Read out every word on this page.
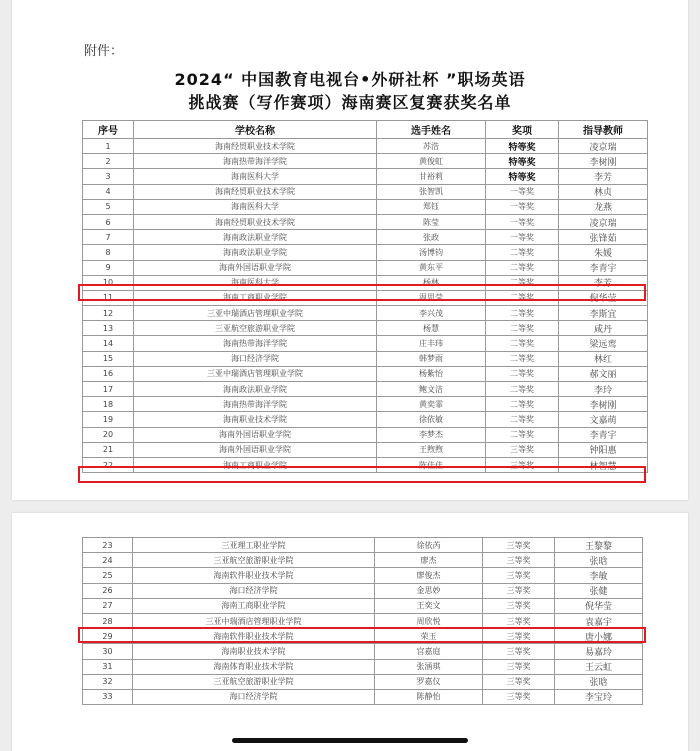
附件：
2024“ 中国教育电视台•外研社杯 ”职场英语
挑战赛（写作赛项）海南赛区复赛获奖名单
序号	学校名称	选手姓名	奖项	指导教师
1	海南经贸职业技术学院	苏浩	特等奖	凌京瑞
2	海南热带海洋学院	黄俊虹	特等奖	李树刚
3	海南医科大学	甘裕莉	特等奖	李芳
4	海南经贸职业技术学院	张智凯	一等奖	林贞
5	海南医科大学	郑钰	一等奖	龙燕
6	海南经贸职业技术学院	陈莹	一等奖	凌京瑞
7	海南政法职业学院	张政	一等奖	张锋茹
8	海南政法职业学院	汤博钧	二等奖	朱媛
9	海南外国语职业学院	黄东平	二等奖	李青宇
10	海南医科大学	杨林	二等奖	李芳
11	海南工商职业学院	温思莹	二等奖	倪华莹
12	三亚中瑞酒店管理职业学院	李兴茂	二等奖	李斯宜
13	三亚航空旅游职业学院	杨慧	二等奖	咸丹
14	海南热带海洋学院	庄丰玮	二等奖	梁远鸾
15	海口经济学院	韩梦雨	二等奖	林红
16	三亚中瑞酒店管理职业学院	杨紫怡	二等奖	郝文丽
17	海南政法职业学院	鲍文洁	二等奖	李玲
18	海南热带海洋学院	黄奕霏	二等奖	李树刚
19	海南职业技术学院	徐依敏	二等奖	文嘉萌
20	海南外国语职业学院	李梦杰	二等奖	李青宇
21	海南外国语职业学院	王煦煦	三等奖	钟阳惠
22	海南工商职业学院	陈佳佳	三等奖	林智慧
23	三亚理工职业学院	徐依芮	三等奖	王黎黎
24	三亚航空旅游职业学院	廖杰	三等奖	张晗
25	海南软件职业技术学院	廖俊杰	三等奖	李敏
26	海口经济学院	金思妙	三等奖	张健
27	海南工商职业学院	王奕文	三等奖	倪华莹
28	三亚中瑞酒店管理职业学院	周欣悦	三等奖	袁嘉宇
29	海南软件职业技术学院	荣玉	三等奖	唐小娜
30	海南职业技术学院	宫嘉庭	三等奖	易嘉玲
31	海南体育职业技术学院	张涵琪	三等奖	王云虹
32	三亚航空旅游职业学院	罗嘉仪	三等奖	张晗
33	海口经济学院	陈静怡	三等奖	李宝玲
